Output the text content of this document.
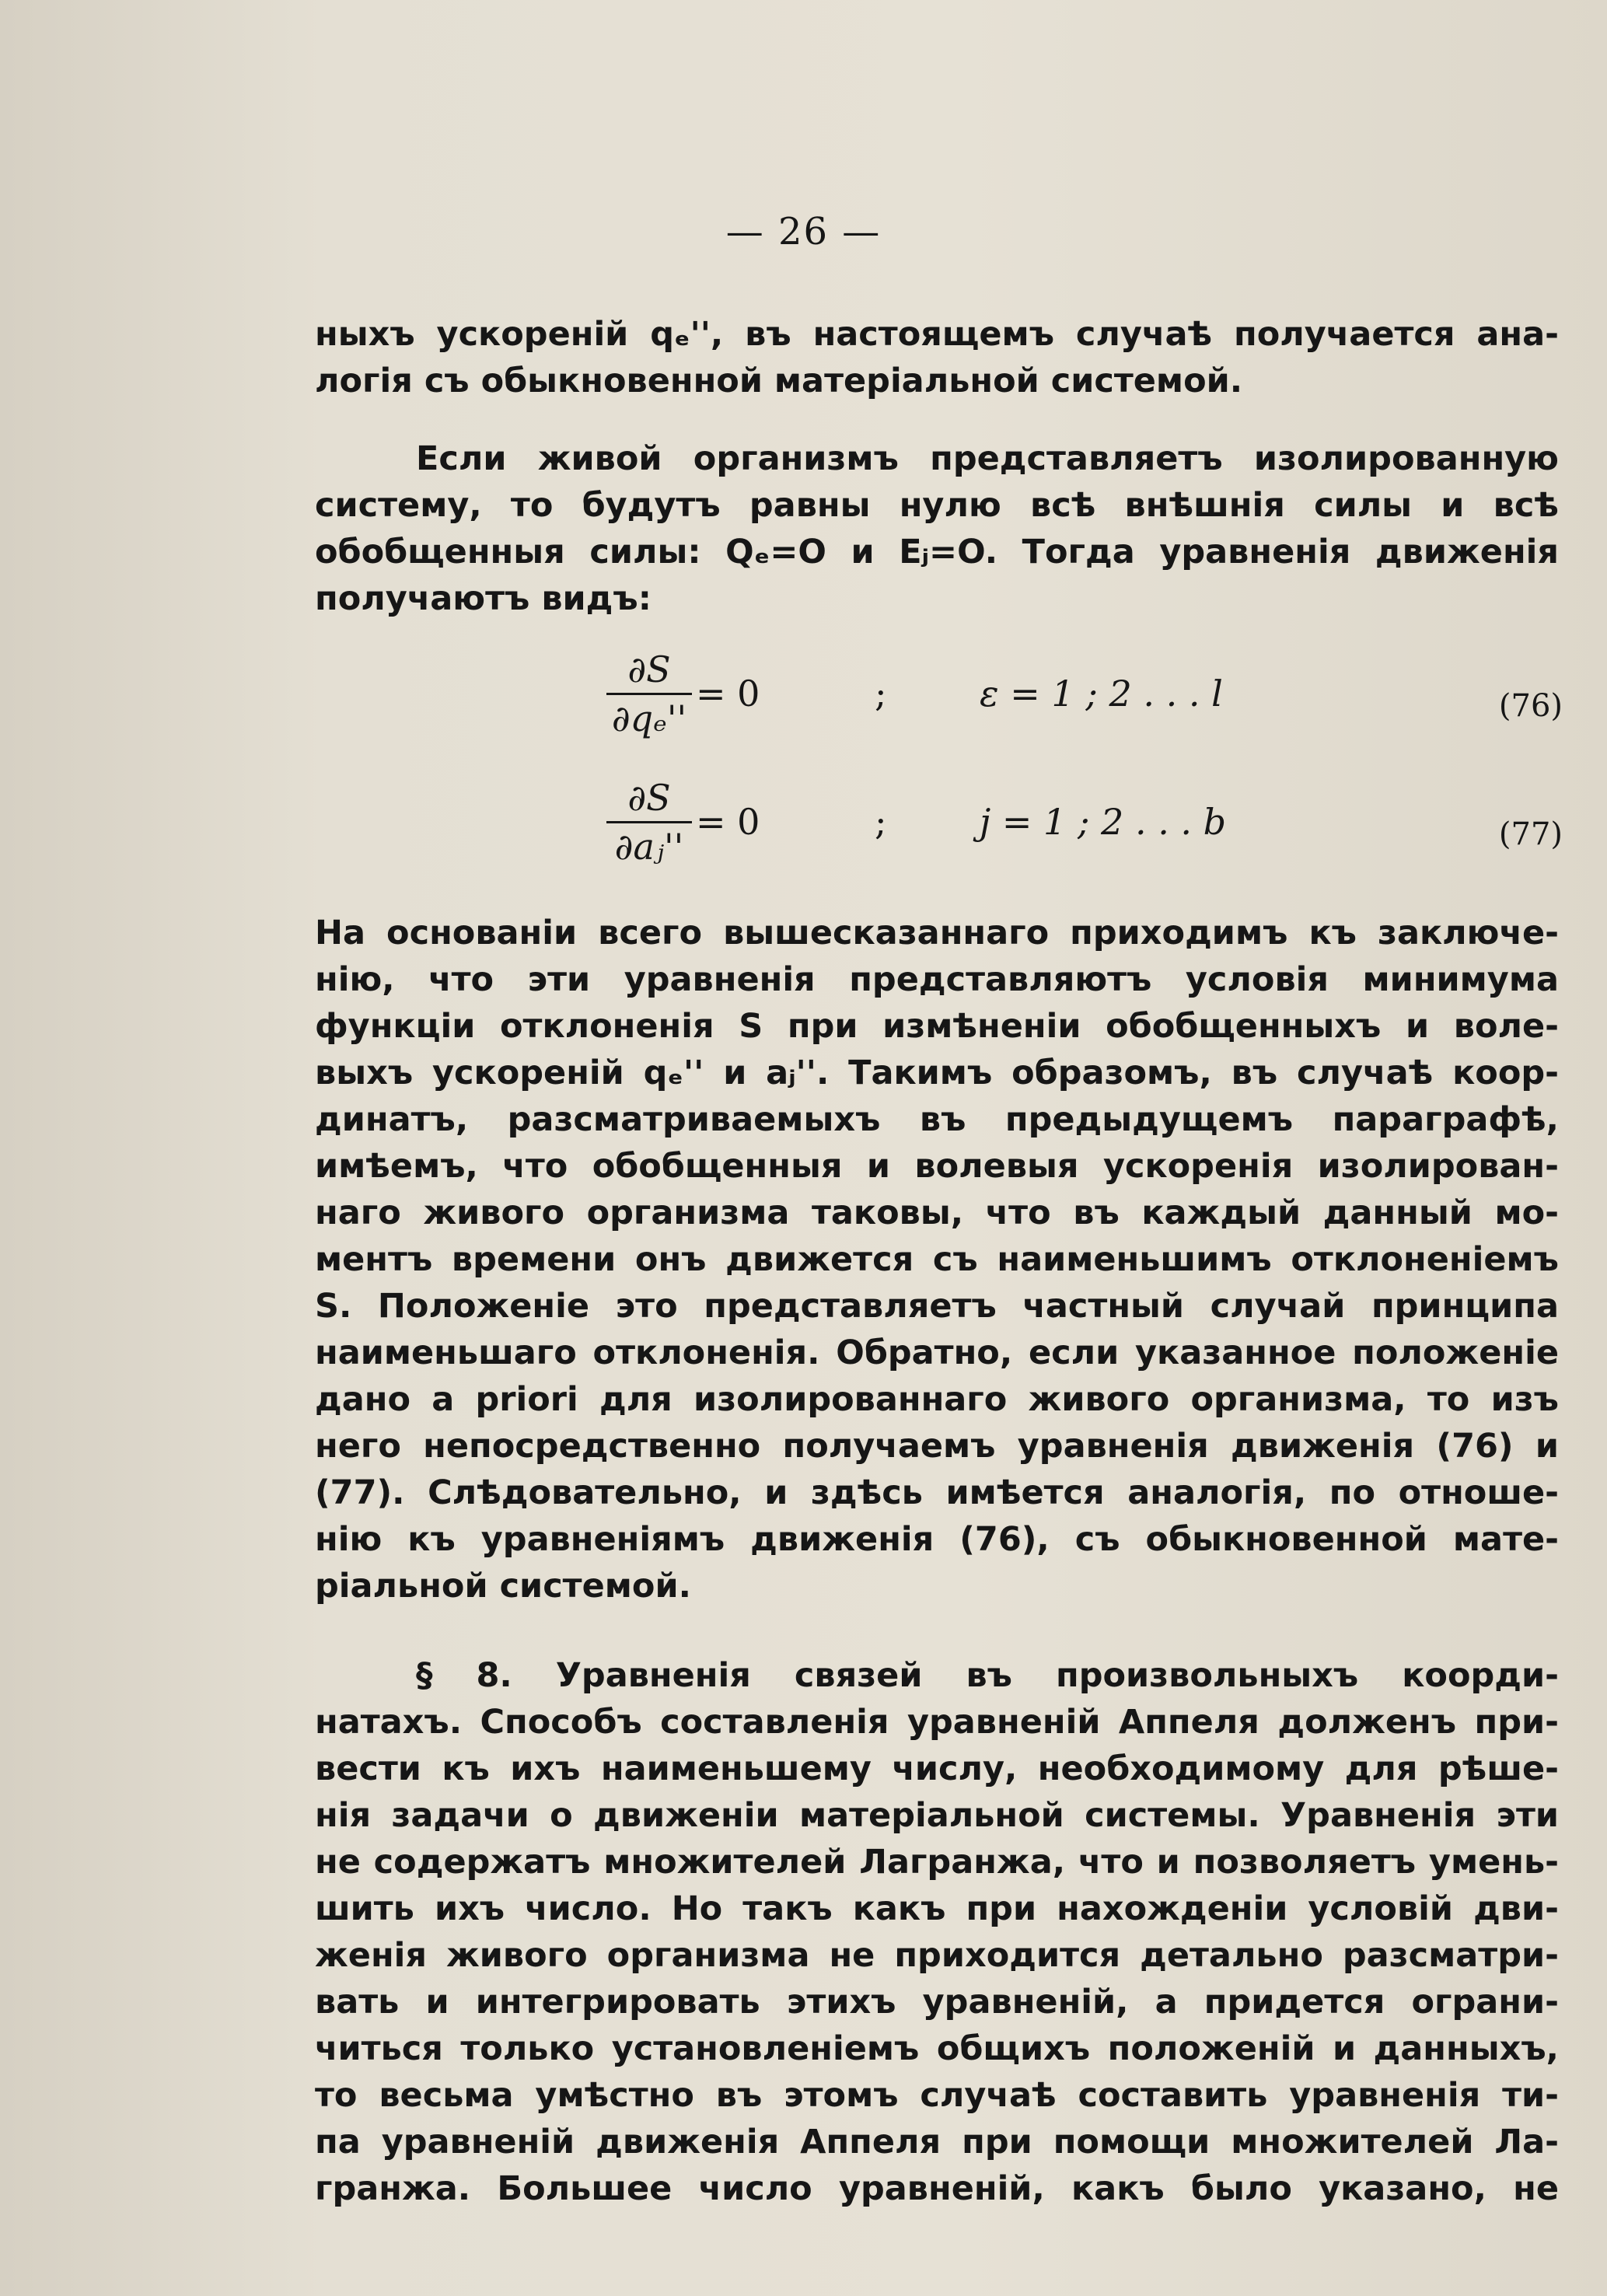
— 26 —
ныхъ ускореній qₑ'', въ настоящемъ случаѣ получается ана-
логія съ обыкновенной матеріальной системой.
Если живой организмъ представляетъ изолированную
систему, то будутъ равны нулю всѣ внѣшнія силы и всѣ
обобщенныя силы: Qₑ=O и Eⱼ=O. Тогда уравненія движенія
получаютъ видъ:
∂S
∂qₑ''
= 0	;	ε = 1 ; 2 . . . l	(76)
∂S
∂aⱼ''
= 0	;	j = 1 ; 2 . . . b	(77)
На основаніи всего вышесказаннаго приходимъ къ заключе-
нію, что эти уравненія представляютъ условія минимума
функціи отклоненія S при измѣненіи обобщенныхъ и воле-
выхъ ускореній qₑ'' и aⱼ''. Такимъ образомъ, въ случаѣ коор-
динатъ, разсматриваемыхъ въ предыдущемъ параграфѣ,
имѣемъ, что обобщенныя и волевыя ускоренія изолирован-
наго живого организма таковы, что въ каждый данный мо-
ментъ времени онъ движется съ наименьшимъ отклоненіемъ
S. Положеніе это представляетъ частный случай принципа
наименьшаго отклоненія. Обратно, если указанное положеніе
дано a priori для изолированнаго живого организма, то изъ
него непосредственно получаемъ уравненія движенія (76) и
(77). Слѣдовательно, и здѣсь имѣется аналогія, по отноше-
нію къ уравненіямъ движенія (76), съ обыкновенной мате-
ріальной системой.
§ 8. Уравненія связей въ произвольныхъ коорди-
натахъ. Способъ составленія уравненій Аппеля долженъ при-
вести къ ихъ наименьшему числу, необходимому для рѣше-
нія задачи о движеніи матеріальной системы. Уравненія эти
не содержатъ множителей Лагранжа, что и позволяетъ умень-
шить ихъ число. Но такъ какъ при нахожденіи условій дви-
женія живого организма не приходится детально разсматри-
вать и интегрировать этихъ уравненій, а придется ограни-
читься только установленіемъ общихъ положеній и данныхъ,
то весьма умѣстно въ этомъ случаѣ составить уравненія ти-
па уравненій движенія Аппеля при помощи множителей Ла-
гранжа. Большее число уравненій, какъ было указано, не
